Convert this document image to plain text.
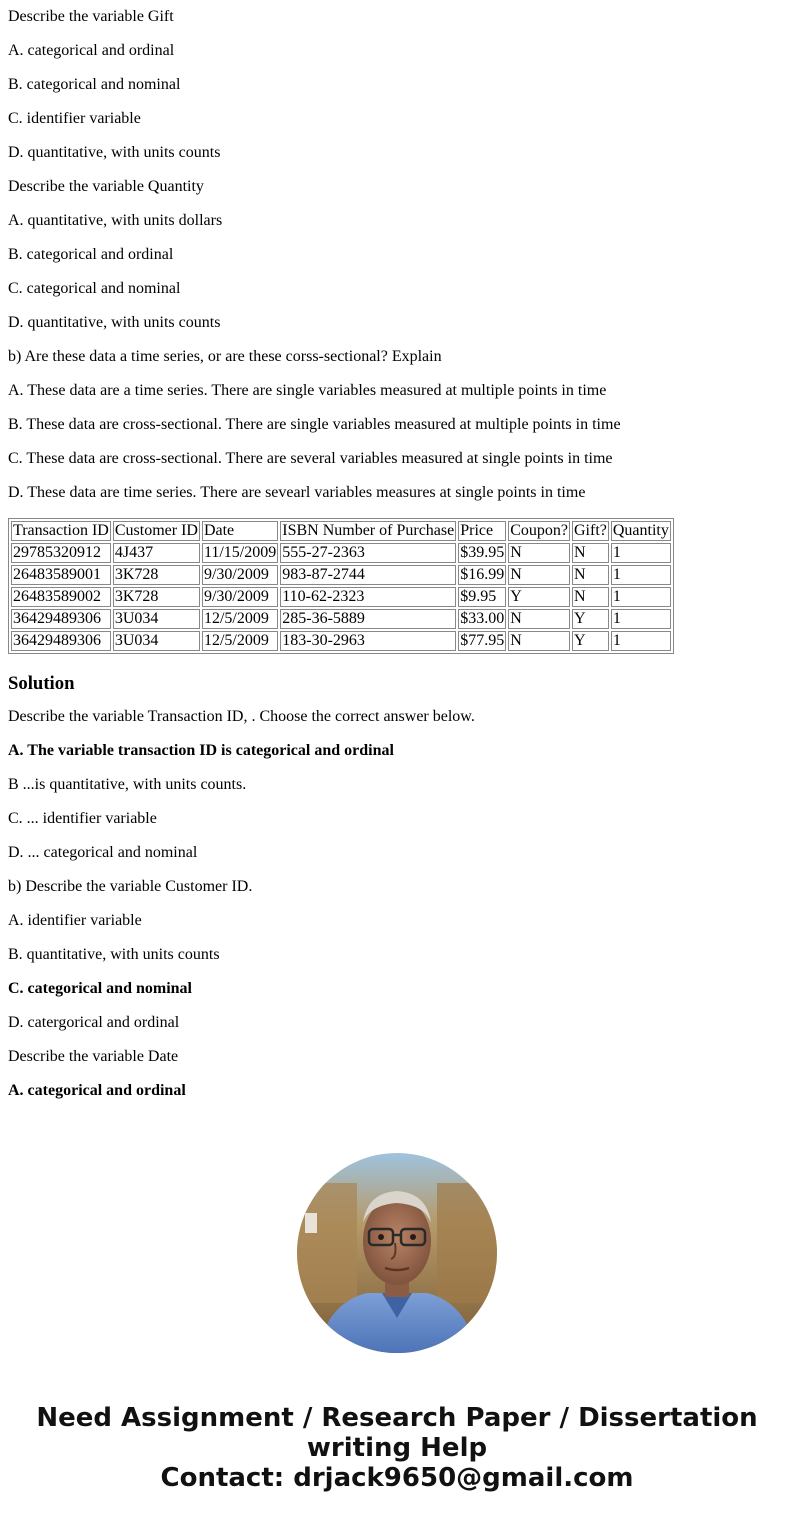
Describe the variable Gift

A. categorical and ordinal

B. categorical and nominal

C. identifier variable

D. quantitative, with units counts

Describe the variable Quantity

A. quantitative, with units dollars

B. categorical and ordinal

C. categorical and nominal

D. quantitative, with units counts

b) Are these data a time series, or are these corss-sectional? Explain

A. These data are a time series. There are single variables measured at multiple points in time

B. These data are cross-sectional. There are single variables measured at multiple points in time

C. These data are cross-sectional. There are several variables measured at single points in time

D. These data are time series. There are sevearl variables measures at single points in time

Transaction ID	Customer ID	Date	ISBN Number of Purchase	Price	Coupon?	Gift?	Quantity
29785320912	4J437	11/15/2009	555-27-2363	$39.95	N	N	1
26483589001	3K728	9/30/2009	983-87-2744	$16.99	N	N	1
26483589002	3K728	9/30/2009	110-62-2323	$9.95	Y	N	1
36429489306	3U034	12/5/2009	285-36-5889	$33.00	N	Y	1
36429489306	3U034	12/5/2009	183-30-2963	$77.95	N	Y	1
Solution

Describe the variable Transaction ID, . Choose the correct answer below.

A. The variable transaction ID is categorical and ordinal

B ...is quantitative, with units counts.

C. ... identifier variable

D. ... categorical and nominal

b) Describe the variable Customer ID.

A. identifier variable

B. quantitative, with units counts

C. categorical and nominal

D. catergorical and ordinal

Describe the variable Date

A. categorical and ordinal

Need Assignment / Research Paper / Dissertation
writing Help
Contact: drjack9650@gmail.com
